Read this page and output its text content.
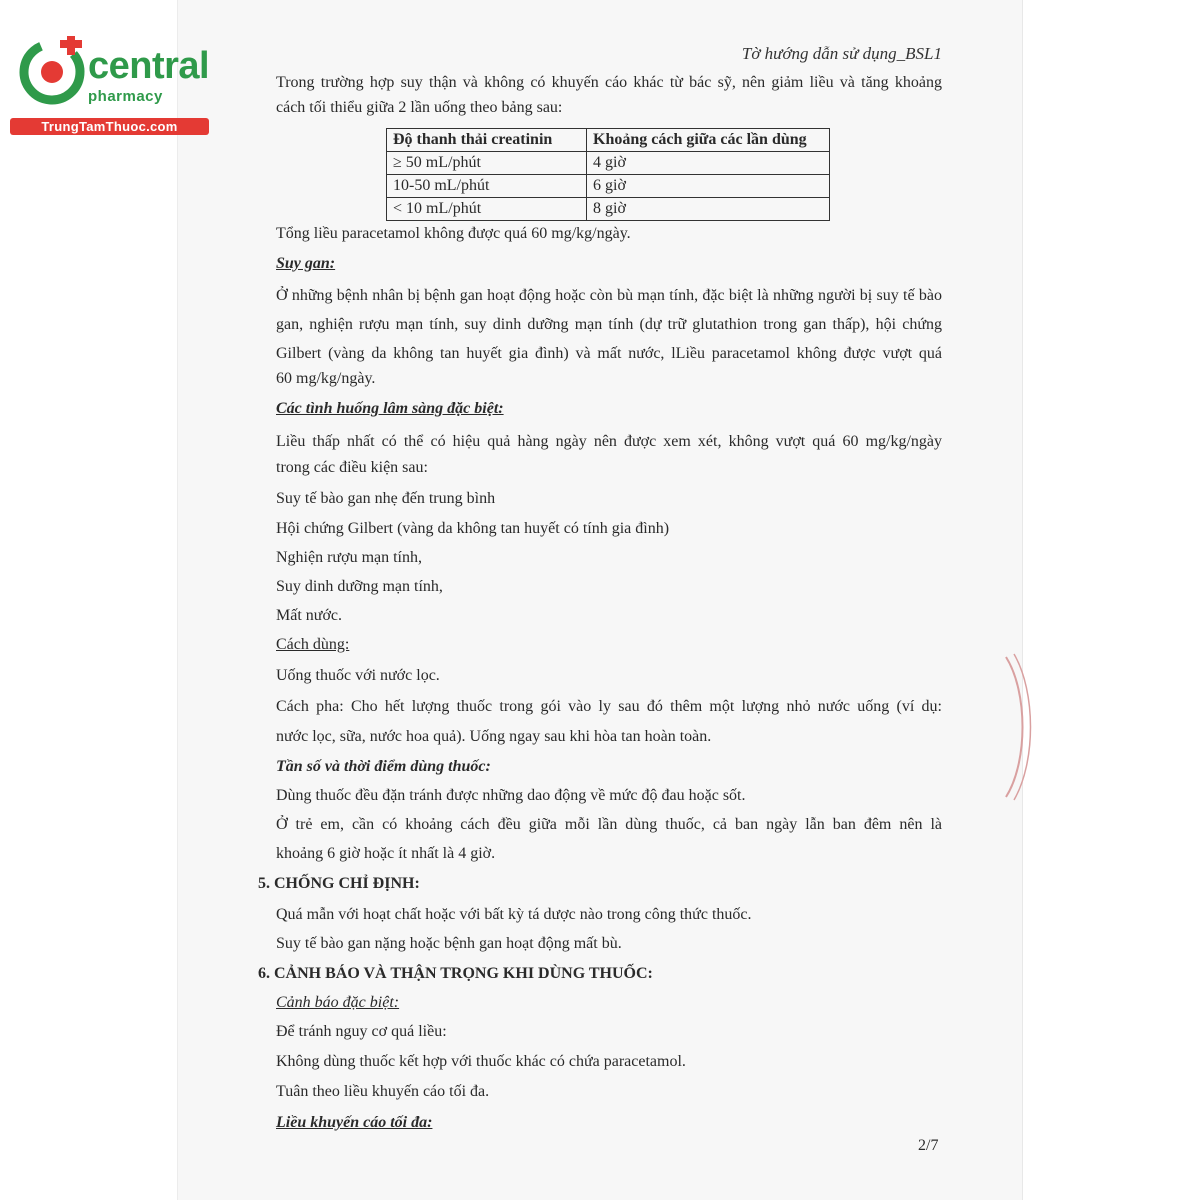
central
pharmacy
TrungTamThuoc.com
Tờ hướng dẫn sử dụng_BSL1
Trong trường hợp suy thận và không có khuyến cáo khác từ bác sỹ, nên giảm liều và tăng khoảng
cách tối thiểu giữa 2 lần uống theo bảng sau:
Độ thanh thải creatinin	Khoảng cách giữa các lần dùng
≥ 50 mL/phút	4 giờ
10-50 mL/phút	6 giờ
< 10 mL/phút	8 giờ
Tổng liều paracetamol không được quá 60 mg/kg/ngày.
Suy gan:
Ở những bệnh nhân bị bệnh gan hoạt động hoặc còn bù mạn tính, đặc biệt là những người bị suy tế bào
gan, nghiện rượu mạn tính, suy dinh dưỡng mạn tính (dự trữ glutathion trong gan thấp), hội chứng
Gilbert (vàng da không tan huyết gia đình) và mất nước, lLiều paracetamol không được vượt quá
60 mg/kg/ngày.
Các tình huống lâm sàng đặc biệt:
Liều thấp nhất có thể có hiệu quả hàng ngày nên được xem xét, không vượt quá 60 mg/kg/ngày
trong các điều kiện sau:
Suy tế bào gan nhẹ đến trung bình
Hội chứng Gilbert (vàng da không tan huyết có tính gia đình)
Nghiện rượu mạn tính,
Suy dinh dưỡng mạn tính,
Mất nước.
Cách dùng:
Uống thuốc với nước lọc.
Cách pha: Cho hết lượng thuốc trong gói vào ly sau đó thêm một lượng nhỏ nước uống (ví dụ:
nước lọc, sữa, nước hoa quả). Uống ngay sau khi hòa tan hoàn toàn.
Tần số và thời điểm dùng thuốc:
Dùng thuốc đều đặn tránh được những dao động về mức độ đau hoặc sốt.
Ở trẻ em, cần có khoảng cách đều giữa mỗi lần dùng thuốc, cả ban ngày lẫn ban đêm nên là
khoảng 6 giờ hoặc ít nhất là 4 giờ.
5. CHỐNG CHỈ ĐỊNH:
Quá mẫn với hoạt chất hoặc với bất kỳ tá dược nào trong công thức thuốc.
Suy tế bào gan nặng hoặc bệnh gan hoạt động mất bù.
6. CẢNH BÁO VÀ THẬN TRỌNG KHI DÙNG THUỐC:
Cảnh báo đặc biệt:
Để tránh nguy cơ quá liều:
Không dùng thuốc kết hợp với thuốc khác có chứa paracetamol.
Tuân theo liều khuyến cáo tối đa.
Liều khuyến cáo tối đa:
2/7
